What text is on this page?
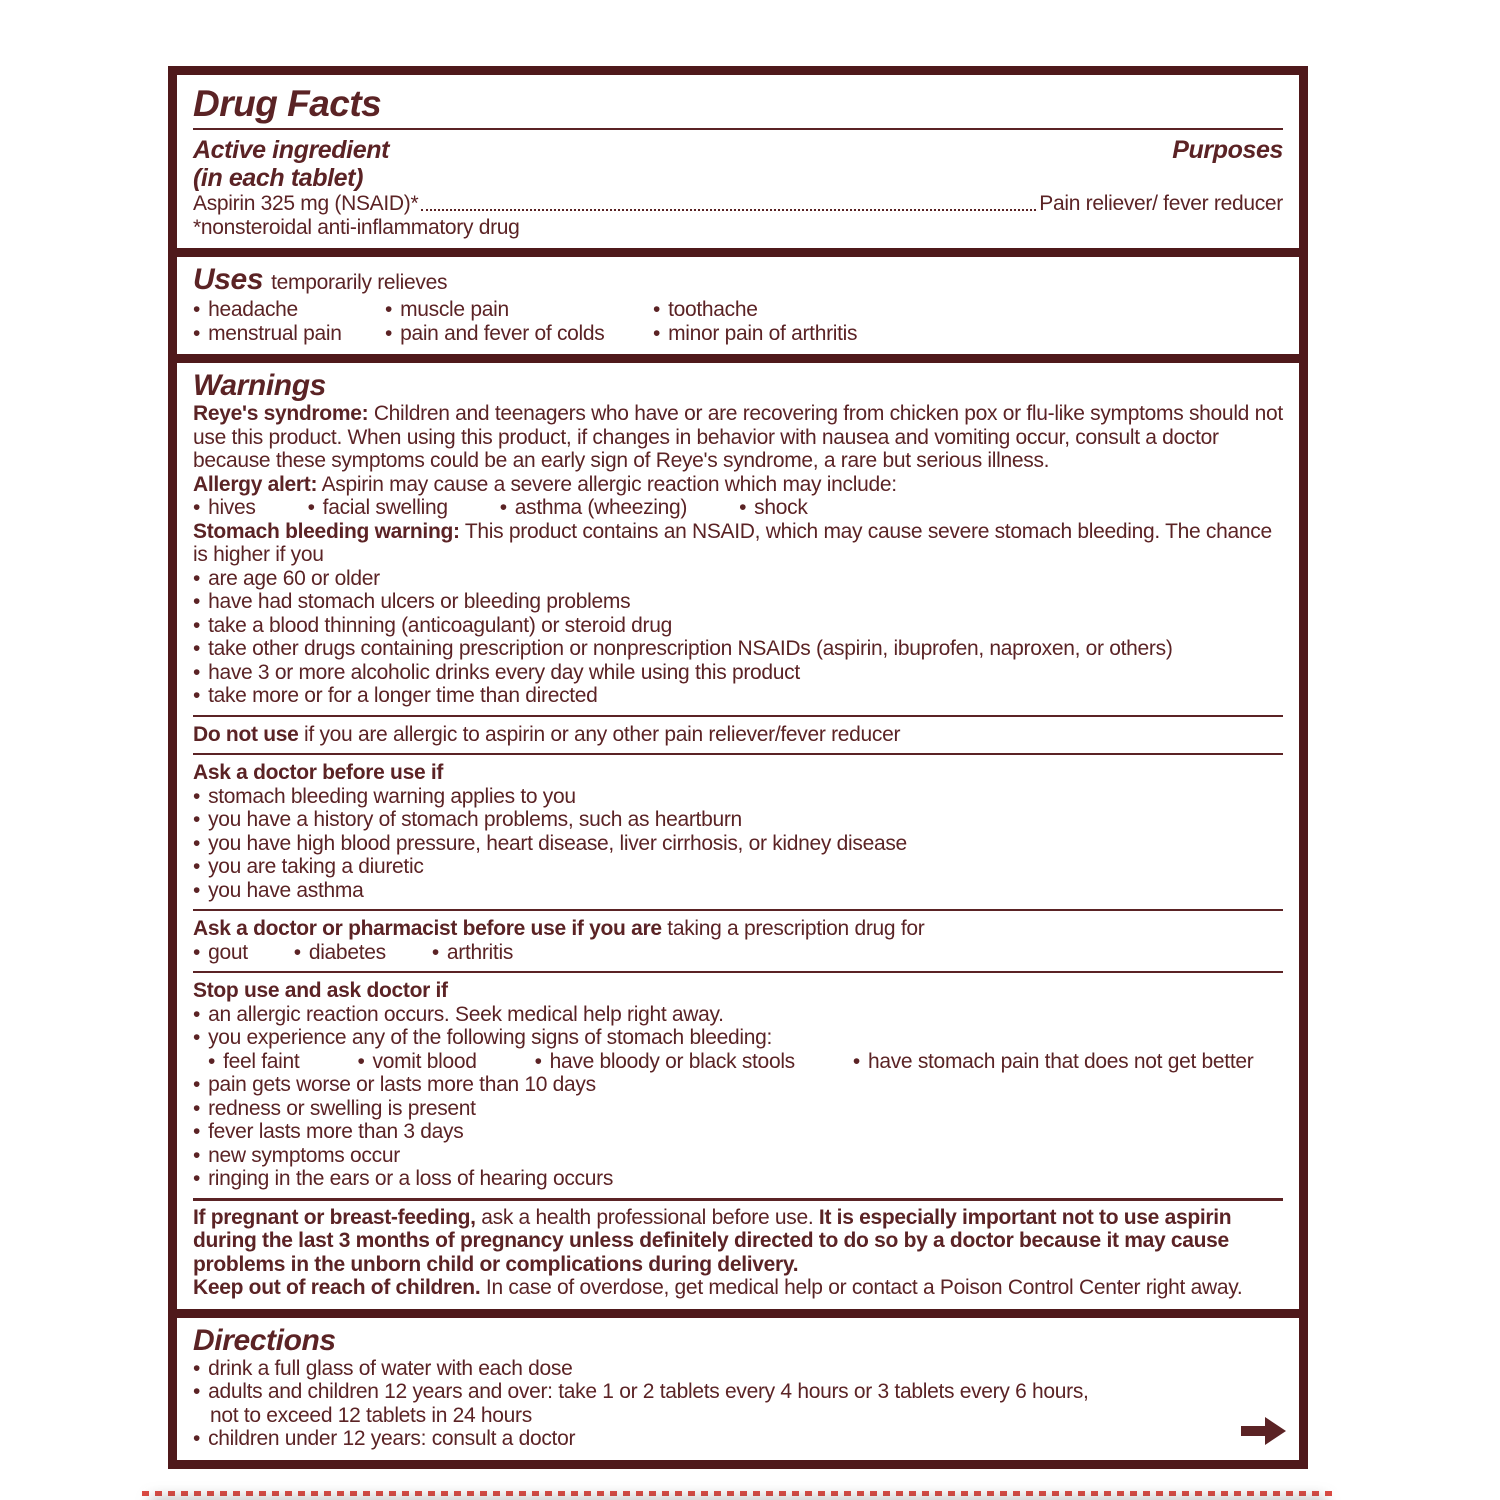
Drug Facts
Active ingredient	Purposes
(in each tablet)
Aspirin 325 mg (NSAID)*	Pain reliever/ fever reducer
*nonsteroidal anti-inflammatory drug
Uses temporarily relieves
• headache	• muscle pain	• toothache
• menstrual pain	• pain and fever of colds	• minor pain of arthritis
Warnings
Reye's syndrome: Children and teenagers who have or are recovering from chicken pox or flu-like symptoms should not use this product. When using this product, if changes in behavior with nausea and vomiting occur, consult a doctor because these symptoms could be an early sign of Reye's syndrome, a rare but serious illness.
Allergy alert: Aspirin may cause a severe allergic reaction which may include:
• hives	• facial swelling	• asthma (wheezing)	• shock
Stomach bleeding warning: This product contains an NSAID, which may cause severe stomach bleeding. The chance is higher if you
• are age 60 or older
• have had stomach ulcers or bleeding problems
• take a blood thinning (anticoagulant) or steroid drug
• take other drugs containing prescription or nonprescription NSAIDs (aspirin, ibuprofen, naproxen, or others)
• have 3 or more alcoholic drinks every day while using this product
• take more or for a longer time than directed
Do not use if you are allergic to aspirin or any other pain reliever/fever reducer
Ask a doctor before use if
• stomach bleeding warning applies to you
• you have a history of stomach problems, such as heartburn
• you have high blood pressure, heart disease, liver cirrhosis, or kidney disease
• you are taking a diuretic
• you have asthma
Ask a doctor or pharmacist before use if you are taking a prescription drug for
• gout	• diabetes	• arthritis
Stop use and ask doctor if
• an allergic reaction occurs. Seek medical help right away.
• you experience any of the following signs of stomach bleeding:
• feel faint	• vomit blood	• have bloody or black stools	• have stomach pain that does not get better
• pain gets worse or lasts more than 10 days
• redness or swelling is present
• fever lasts more than 3 days
• new symptoms occur
• ringing in the ears or a loss of hearing occurs
If pregnant or breast-feeding, ask a health professional before use. It is especially important not to use aspirin during the last 3 months of pregnancy unless definitely directed to do so by a doctor because it may cause problems in the unborn child or complications during delivery.
Keep out of reach of children. In case of overdose, get medical help or contact a Poison Control Center right away.
Directions
• drink a full glass of water with each dose
• adults and children 12 years and over: take 1 or 2 tablets every 4 hours or 3 tablets every 6 hours,
not to exceed 12 tablets in 24 hours
• children under 12 years: consult a doctor
